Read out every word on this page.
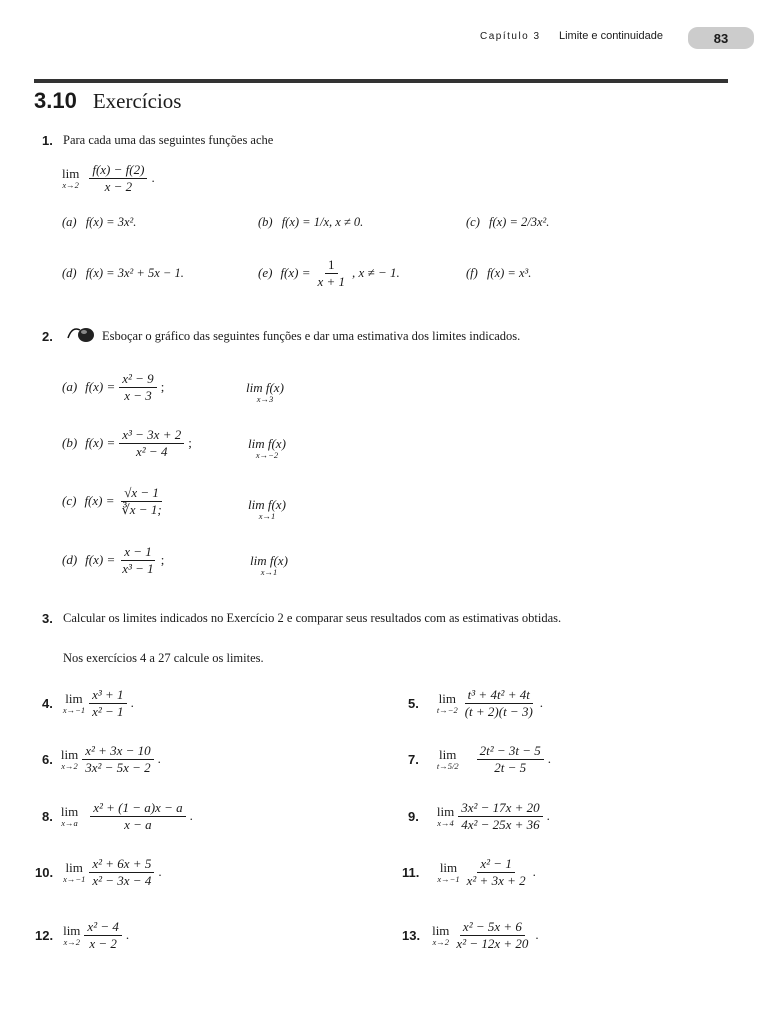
Capítulo 3 Limite e continuidade	83
3.10 Exercícios
1. Para cada uma das seguintes funções ache
lim
$x\to 2 \frac{f(x) - f(2)}{x - 2}$ .
(a) f(x) = 3x².	(b) f(x) = 1/x, x ≠ 0.	(c) f(x) = 2/3x².
(d) f(x) = 3x² + 5x − 1.	(e) $f(x) = \frac{1}{x + 1}$ , x ≠ − 1.	(f) f(x) = x³.
2.	Esboçar o gráfico das seguintes funções e dar uma estimativa dos limites indicados.
(a) $f(x) = \frac{\text{x² − 9}}{x - 3}$ ;	lim f(x)
x→3
(b) $f(x) = \frac{\text{x³ − 3x + 2}}{\text{x² − 4}}$ ;	lim f(x)
x→−2
(c) $f(x) = \frac{√x - 1}{∛x - 1;}$	lim f(x)
x→1
(d) $f(x) = \frac{x - 1}{\text{x³ − 1}}$ ;	lim f(x)
x→1
3. Calcular os limites indicados no Exercício 2 e comparar seus resultados com as estimativas obtidas.
Nos exercícios 4 a 27 calcule os limites.
4. lim
$x\to-1 \frac{\text{x³ + 1}}{\text{x² − 1}}$ .	5. lim
$t\to-2 \frac{\text{t³ + 4t² + 4t}}{(t + 2)(t - 3)}$ .
6. lim
$x\to 2 \frac{\text{x² + 3x − 10}}{\text{3x² − 5x − 2}}$ .	7. lim
$t\to 5/2 \frac{\text{2t² − 3t − 5}}{2t - 5}$ .
8. lim
$x\to a \frac{\text{x² + (1 − a)x − a}}{x - a}$ .	9. lim
$x\to 4 \frac{\text{3x² − 17x + 20}}{\text{4x² − 25x + 36}}$ .
10. lim
$x\to-1 \frac{\text{x² + 6x + 5}}{\text{x² − 3x − 4}}$ .	11. lim
$x\to-1 \frac{\text{x² − 1}}{\text{x² + 3x + 2}}$ .
12. lim
$x\to 2 \frac{\text{x² − 4}}{x - 2}$ .	13. lim
$x\to 2 \frac{\text{x² − 5x + 6}}{\text{x² − 12x + 20}}$ .
